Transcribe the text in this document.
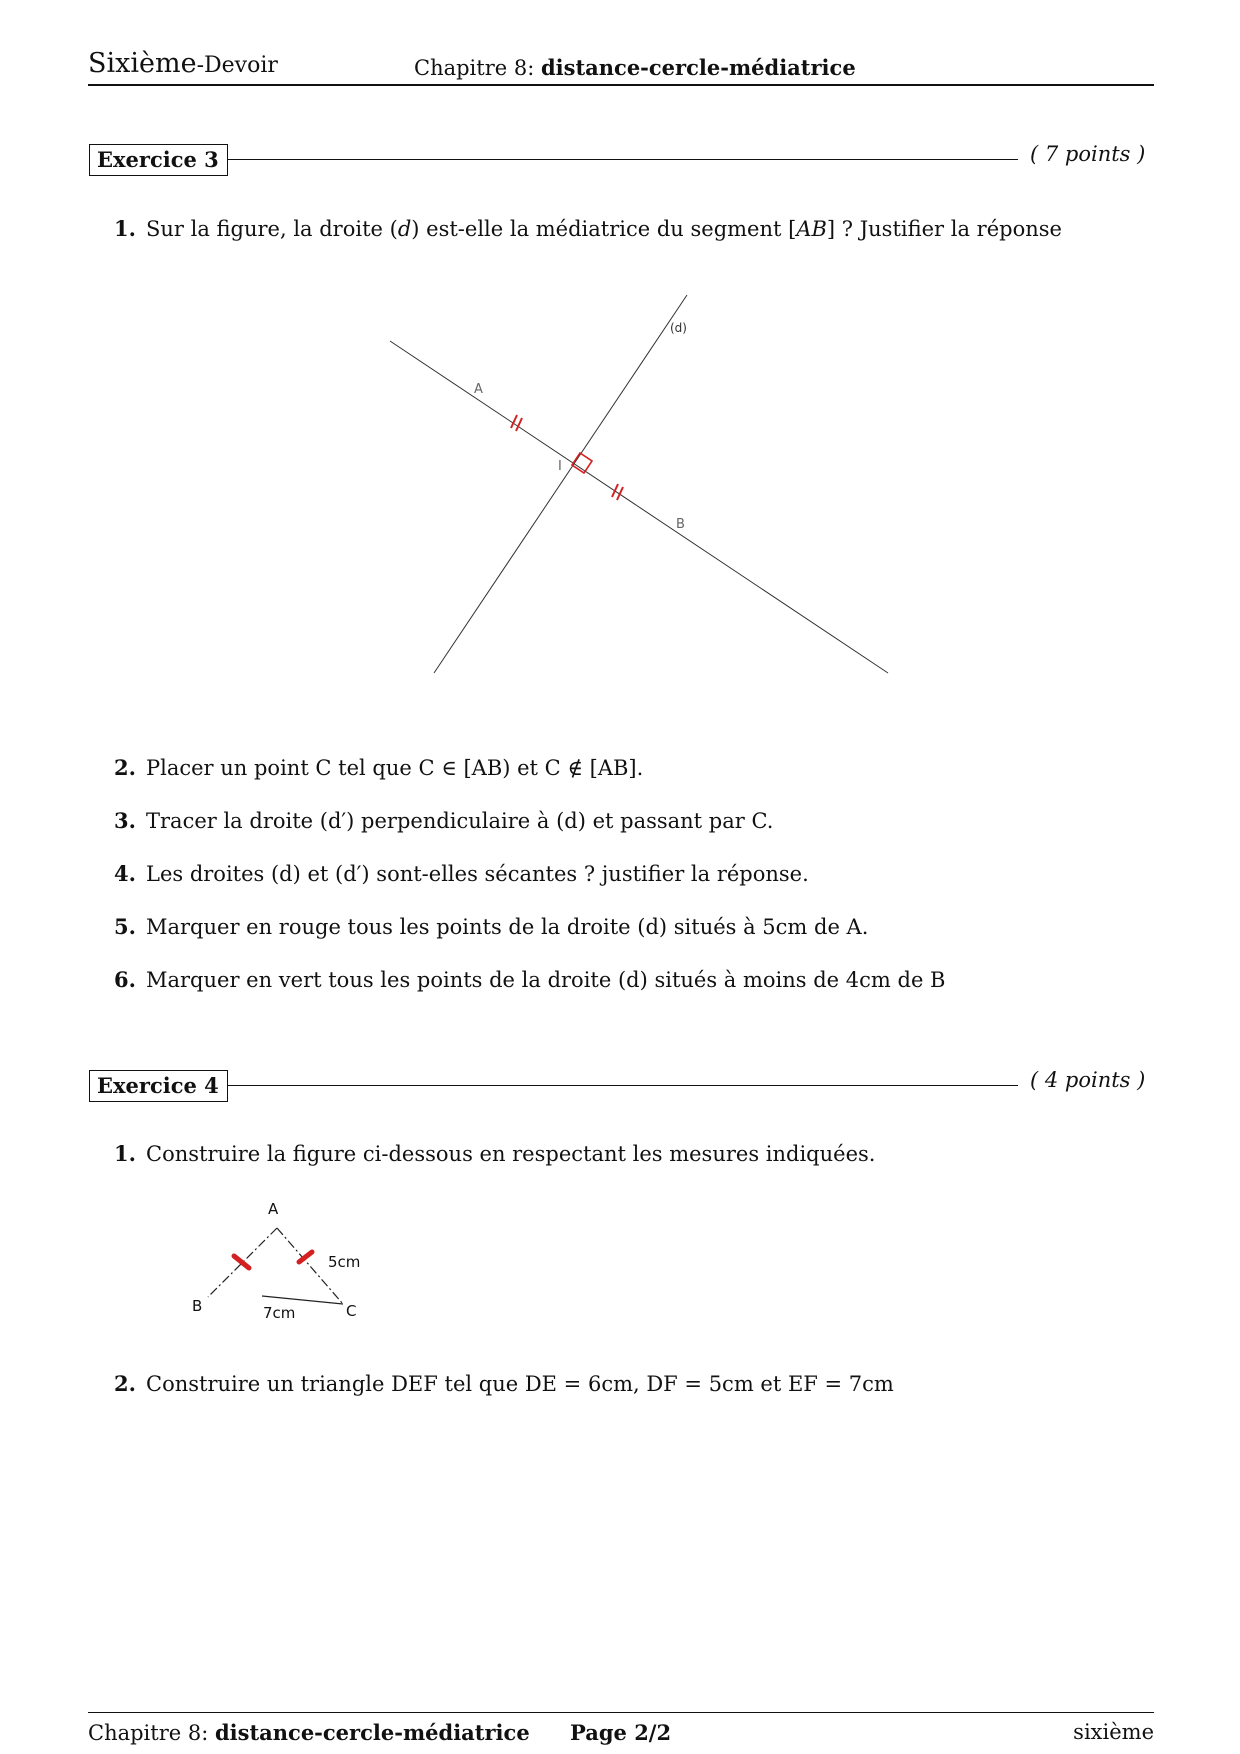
Sixième-Devoir	Chapitre 8: distance-cercle-médiatrice
Exercice 3	( 7 points )
1. Sur la figure, la droite (d) est-elle la médiatrice du segment [AB] ? Justifier la réponse
(d)
A
I
B
2. Placer un point C tel que C ∈ [AB) et C ∉ [AB].
3. Tracer la droite (d′) perpendiculaire à (d) et passant par C.
4. Les droites (d) et (d′) sont-elles sécantes ? justifier la réponse.
5. Marquer en rouge tous les points de la droite (d) situés à 5cm de A.
6. Marquer en vert tous les points de la droite (d) situés à moins de 4cm de B
Exercice 4	( 4 points )
1. Construire la figure ci-dessous en respectant les mesures indiquées.
A
B	C
5cm
7cm
2. Construire un triangle DEF tel que DE = 6cm, DF = 5cm et EF = 7cm
Chapitre 8: distance-cercle-médiatrice Page 2/2	sixième
